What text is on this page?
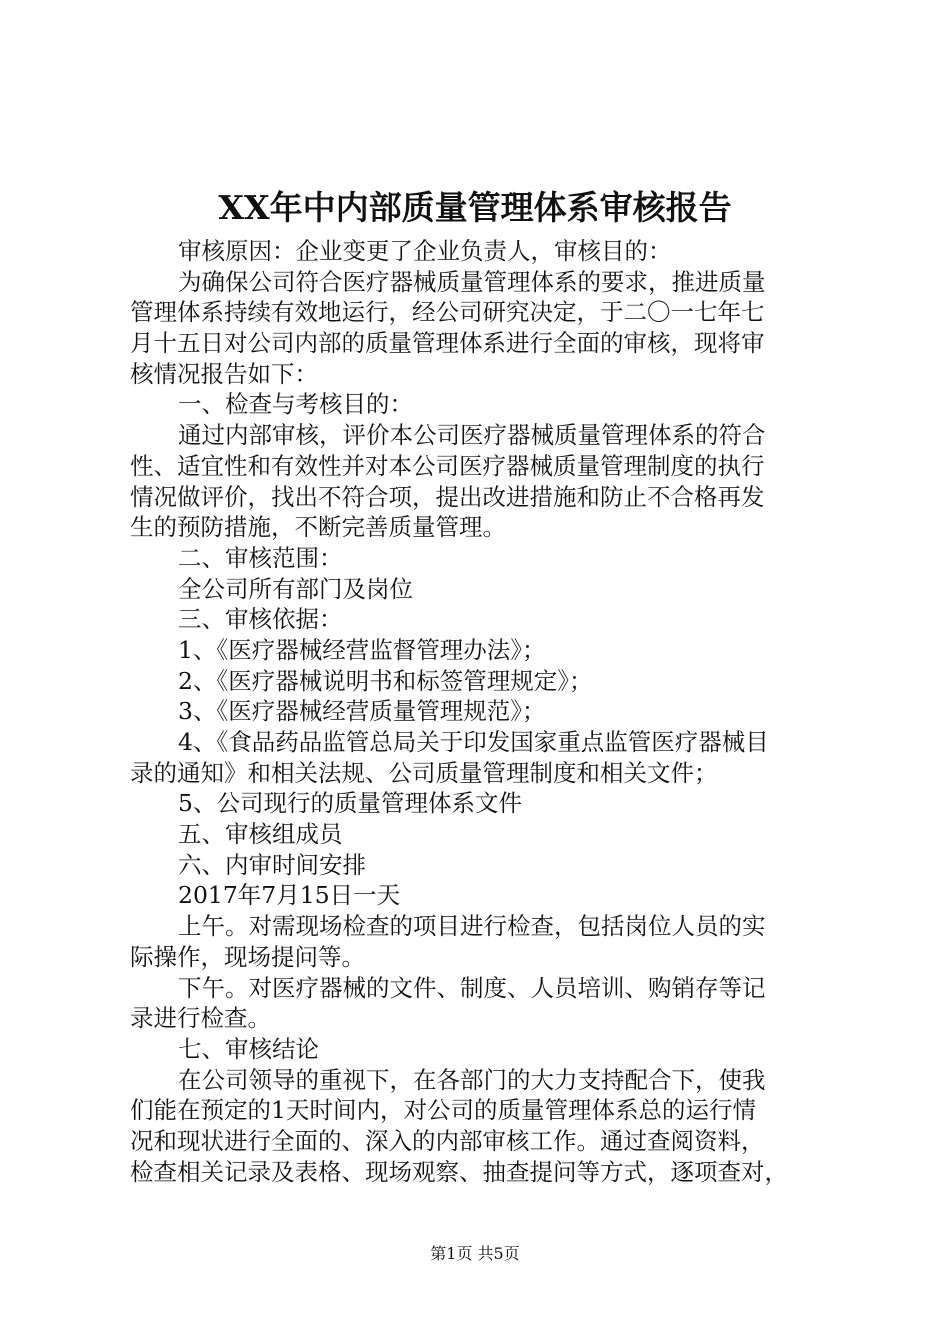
XX年中内部质量管理体系审核报告
审核原因：企业变更了企业负责人，审核目的：
为确保公司符合医疗器械质量管理体系的要求，推进质量
管理体系持续有效地运行，经公司研究决定，于二〇一七年七
月十五日对公司内部的质量管理体系进行全面的审核，现将审
核情况报告如下：
一、检查与考核目的：
通过内部审核，评价本公司医疗器械质量管理体系的符合
性、适宜性和有效性并对本公司医疗器械质量管理制度的执行
情况做评价，找出不符合项，提出改进措施和防止不合格再发
生的预防措施，不断完善质量管理。
二、审核范围：
全公司所有部门及岗位
三、审核依据：
1、《医疗器械经营监督管理办法》；
2、《医疗器械说明书和标签管理规定》；
3、《医疗器械经营质量管理规范》；
4、《食品药品监管总局关于印发国家重点监管医疗器械目
录的通知》和相关法规、公司质量管理制度和相关文件；
5、公司现行的质量管理体系文件
五、审核组成员
六、内审时间安排
2017年7月15日一天
上午。对需现场检查的项目进行检查，包括岗位人员的实
际操作，现场提问等。
下午。对医疗器械的文件、制度、人员培训、购销存等记
录进行检查。
七、审核结论
在公司领导的重视下，在各部门的大力支持配合下，使我
们能在预定的1天时间内，对公司的质量管理体系总的运行情
况和现状进行全面的、深入的内部审核工作。通过查阅资料，
检查相关记录及表格、现场观察、抽查提问等方式，逐项查对，
第1页 共5页
